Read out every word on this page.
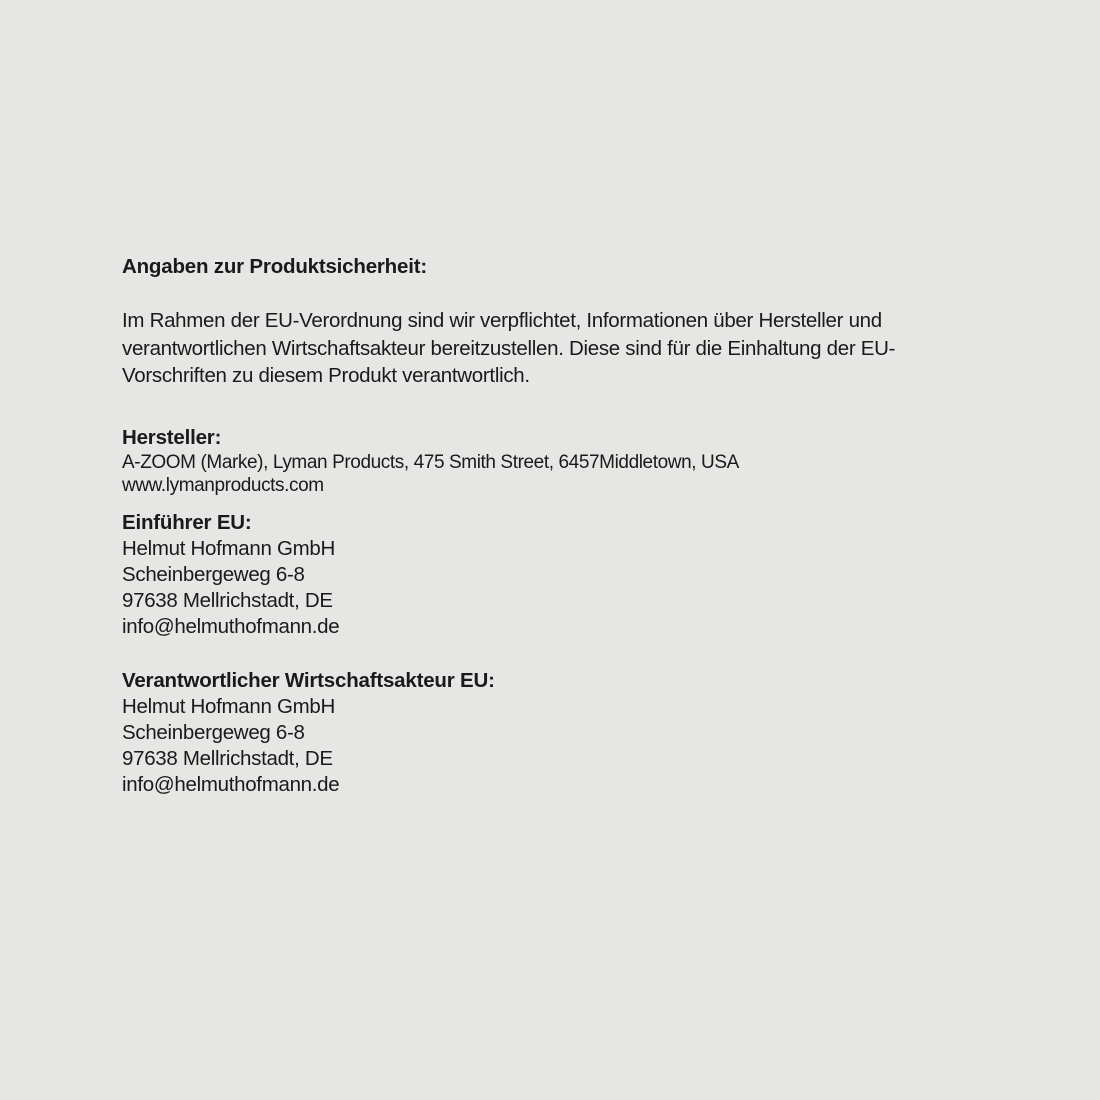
Angaben zur Produktsicherheit:

Im Rahmen der EU-Verordnung sind wir verpflichtet, Informationen über Hersteller und verantwortlichen Wirtschaftsakteur bereitzustellen. Diese sind für die Einhaltung der EU-Vorschriften zu diesem Produkt verantwortlich.

Hersteller:
A-ZOOM (Marke), Lyman Products, 475 Smith Street, 6457Middletown, USA
www.lymanproducts.com
Einführer EU:
Helmut Hofmann GmbH
Scheinbergeweg 6-8
97638 Mellrichstadt, DE
info@helmuthofmann.de
Verantwortlicher Wirtschaftsakteur EU:
Helmut Hofmann GmbH
Scheinbergeweg 6-8
97638 Mellrichstadt, DE
info@helmuthofmann.de
